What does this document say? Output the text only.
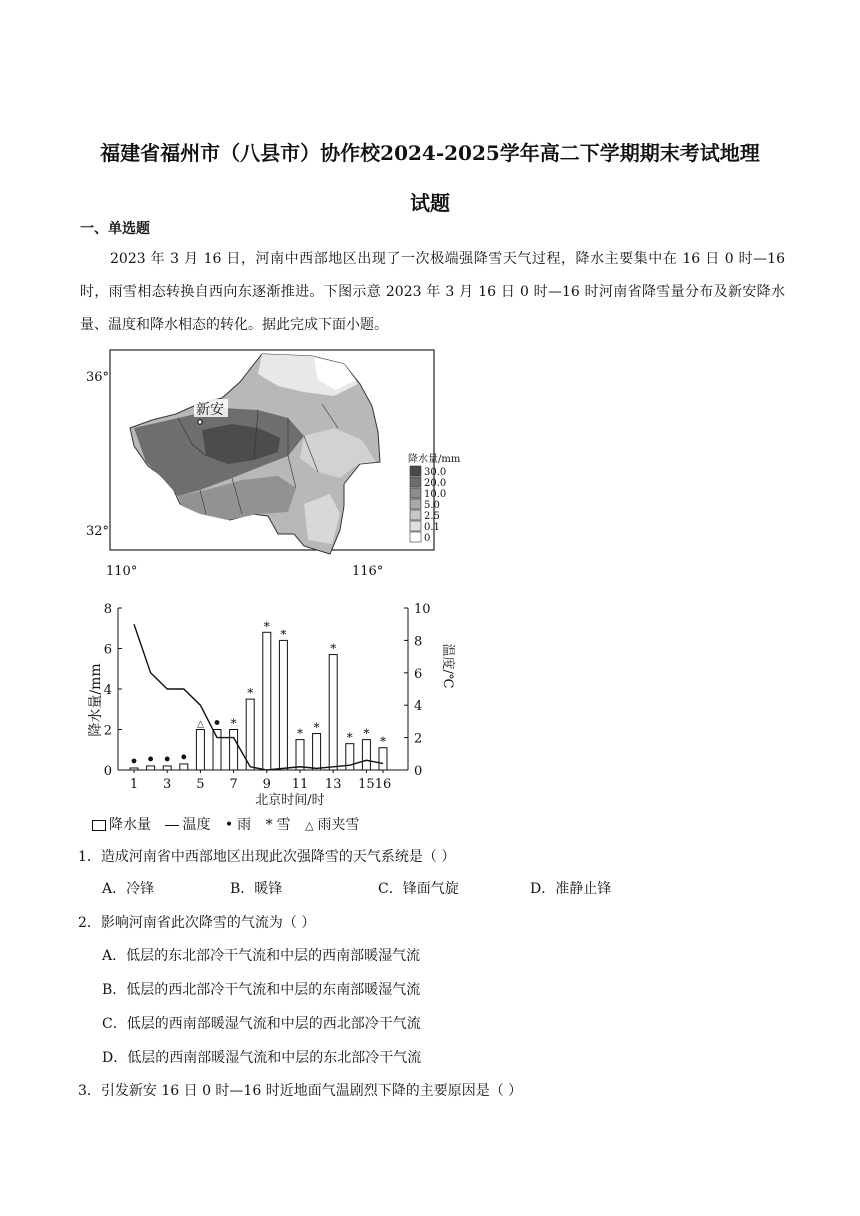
福建省福州市（八县市）协作校2024-2025学年高二下学期期末考试地理
试题
一、单选题
2023 年 3 月 16 日，河南中西部地区出现了一次极端强降雪天气过程，降水主要集中在 16 日 0 时—16 时，雨雪相态转换自西向东逐渐推进。下图示意 2023 年 3 月 16 日 0 时—16 时河南省降雪量分布及新安降水量、温度和降水相态的转化。据此完成下面小题。
新安
36°
32°
110°	116°
降水量/mm
30.0
20.0
10.0
5.0
2.5
0.1
0
降水量/mm	温度/℃
北京时间/时
0
2
4
6
8
0
2
4
6
8
10
△ *
*
*
*
* *
*
* *
*
1 3 5 7 9 11 13 15 16
降水量 温度 • 雨 * 雪 △ 雨夹雪
1．造成河南省中西部地区出现此次强降雪的天气系统是（ ）
A．冷锋	B．暖锋	C．锋面气旋	D．准静止锋
2．影响河南省此次降雪的气流为（ ）
A．低层的东北部冷干气流和中层的西南部暖湿气流
B．低层的西北部冷干气流和中层的东南部暖湿气流
C．低层的西南部暖湿气流和中层的西北部冷干气流
D．低层的西南部暖湿气流和中层的东北部冷干气流
3．引发新安 16 日 0 时—16 时近地面气温剧烈下降的主要原因是（ ）
